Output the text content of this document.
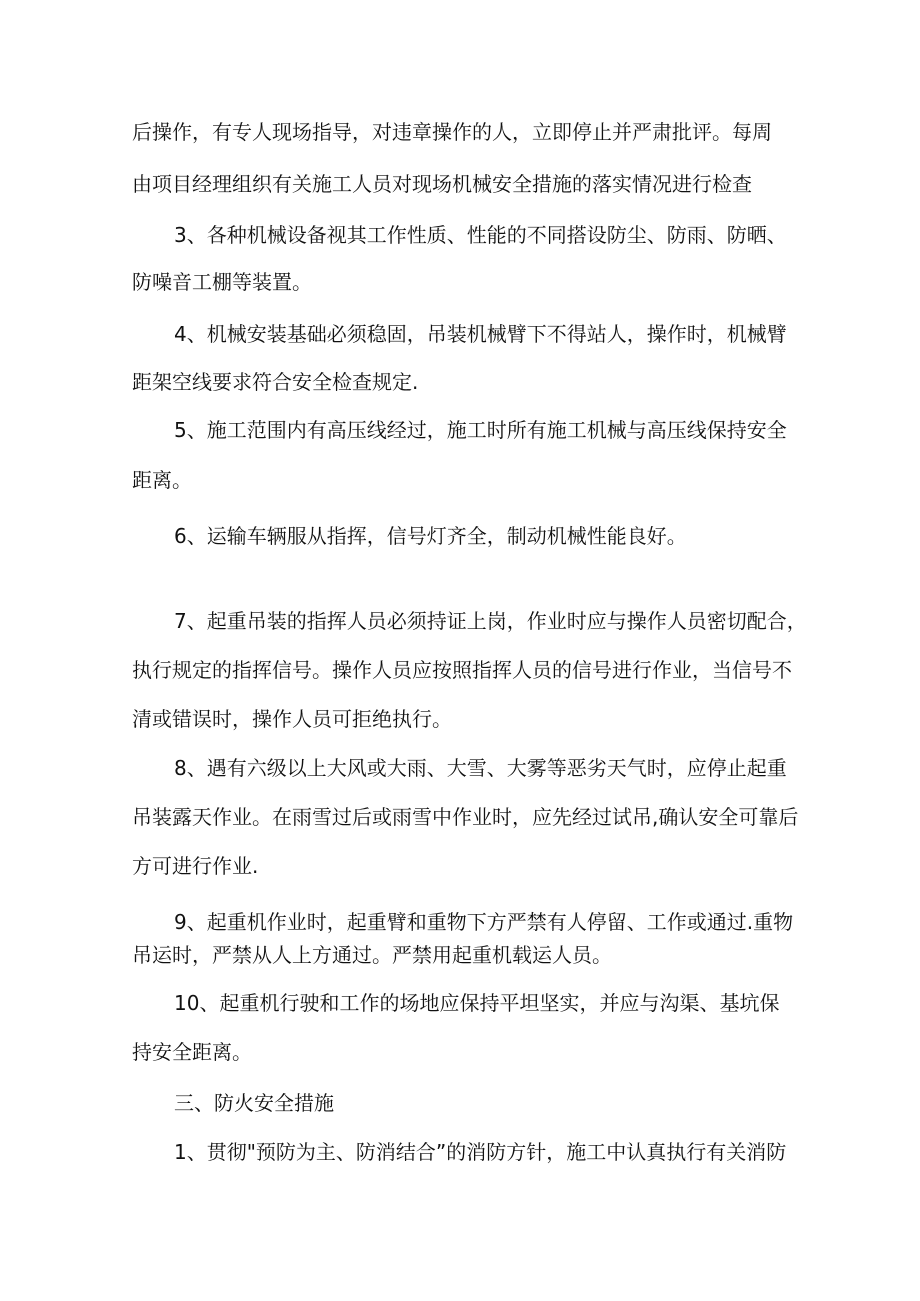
后操作，有专人现场指导，对违章操作的人，立即停止并严肃批评。每周
由项目经理组织有关施工人员对现场机械安全措施的落实情况进行检查
3、各种机械设备视其工作性质、性能的不同搭设防尘、防雨、防晒、
防噪音工棚等装置。
4、机械安装基础必须稳固，吊装机械臂下不得站人，操作时，机械臂
距架空线要求符合安全检查规定.
5、施工范围内有高压线经过，施工时所有施工机械与高压线保持安全
距离。
6、运输车辆服从指挥，信号灯齐全，制动机械性能良好。
7、起重吊装的指挥人员必须持证上岗，作业时应与操作人员密切配合，
执行规定的指挥信号。操作人员应按照指挥人员的信号进行作业，当信号不
清或错误时，操作人员可拒绝执行。
8、遇有六级以上大风或大雨、大雪、大雾等恶劣天气时，应停止起重
吊装露天作业。在雨雪过后或雨雪中作业时，应先经过试吊,确认安全可靠后
方可进行作业.
9、起重机作业时，起重臂和重物下方严禁有人停留、工作或通过.重物
吊运时，严禁从人上方通过。严禁用起重机载运人员。
10、起重机行驶和工作的场地应保持平坦坚实，并应与沟渠、基坑保
持安全距离。
三、防火安全措施
1、贯彻"预防为主、防消结合”的消防方针，施工中认真执行有关消防
